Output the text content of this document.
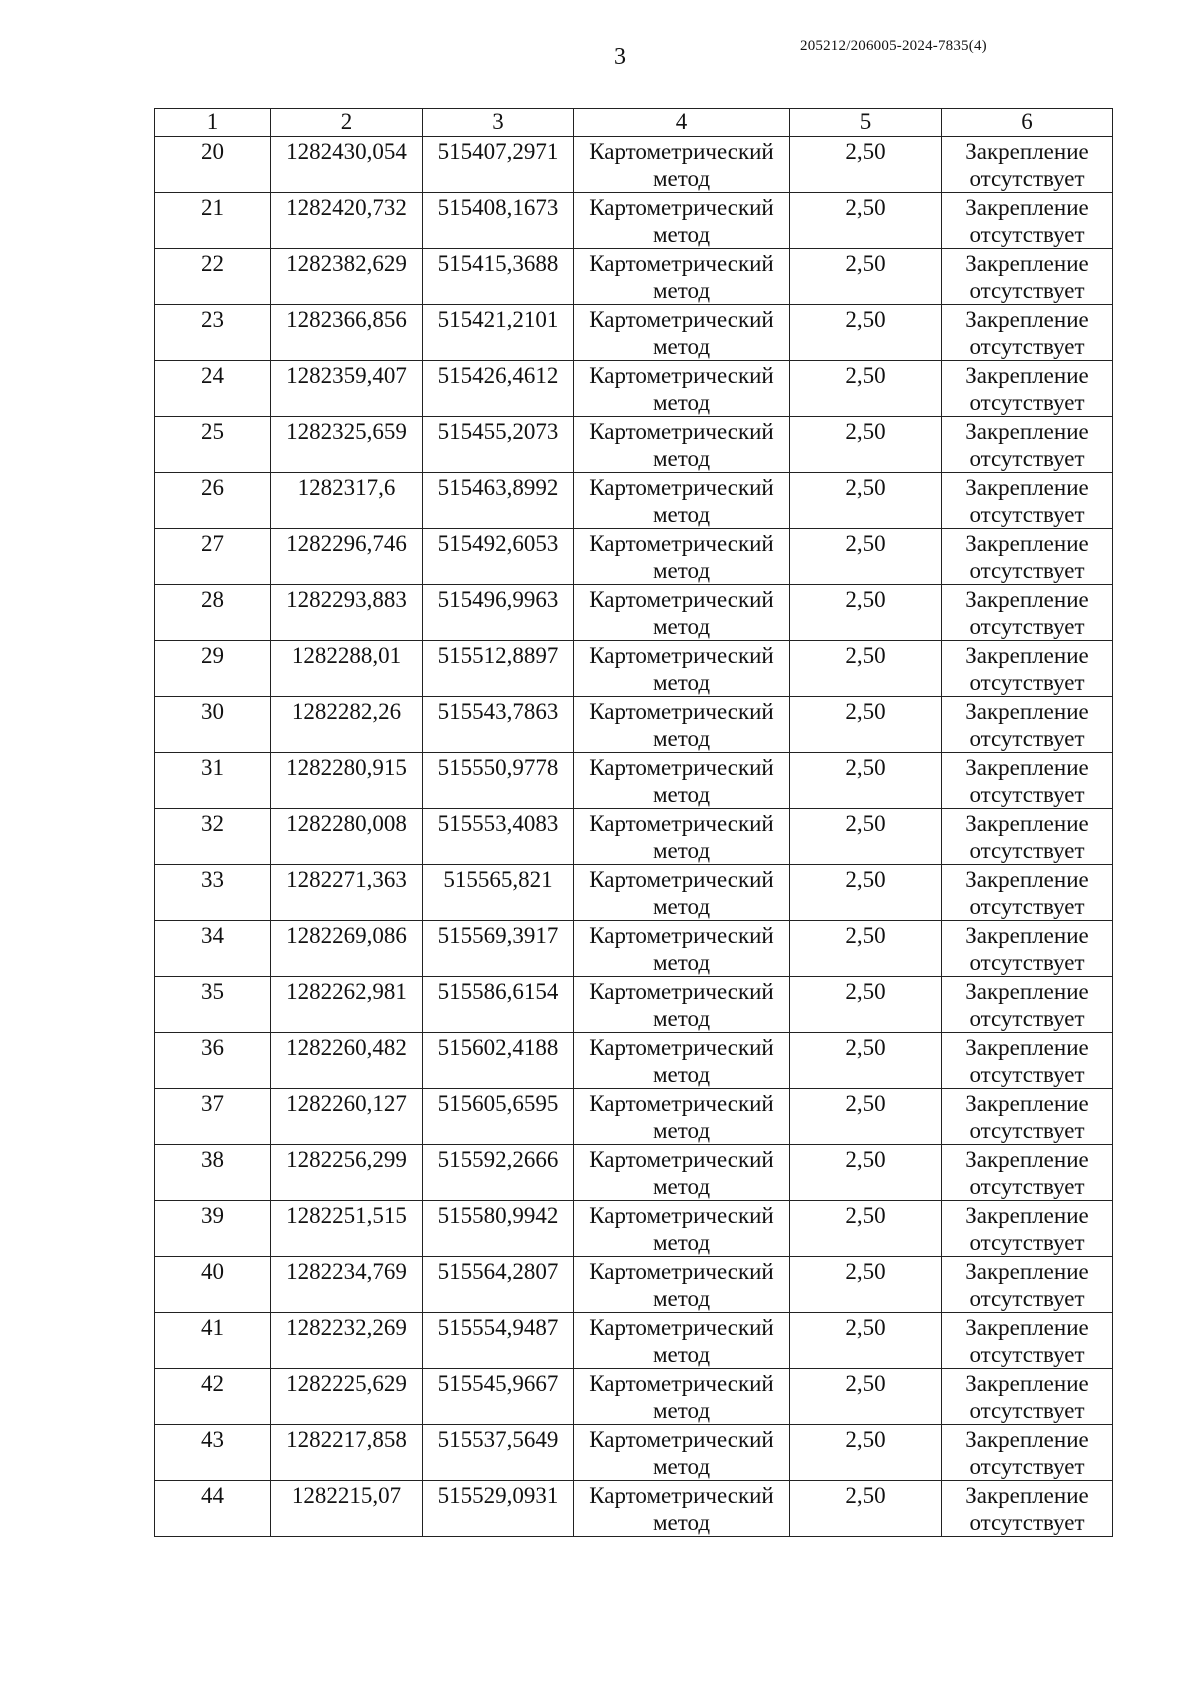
3	205212/206005-2024-7835(4)
1	2	3	4	5	6
20	1282430,054	515407,2971	Картометрический метод	2,50	Закрепление отсутствует
21	1282420,732	515408,1673	Картометрический метод	2,50	Закрепление отсутствует
22	1282382,629	515415,3688	Картометрический метод	2,50	Закрепление отсутствует
23	1282366,856	515421,2101	Картометрический метод	2,50	Закрепление отсутствует
24	1282359,407	515426,4612	Картометрический метод	2,50	Закрепление отсутствует
25	1282325,659	515455,2073	Картометрический метод	2,50	Закрепление отсутствует
26	1282317,6	515463,8992	Картометрический метод	2,50	Закрепление отсутствует
27	1282296,746	515492,6053	Картометрический метод	2,50	Закрепление отсутствует
28	1282293,883	515496,9963	Картометрический метод	2,50	Закрепление отсутствует
29	1282288,01	515512,8897	Картометрический метод	2,50	Закрепление отсутствует
30	1282282,26	515543,7863	Картометрический метод	2,50	Закрепление отсутствует
31	1282280,915	515550,9778	Картометрический метод	2,50	Закрепление отсутствует
32	1282280,008	515553,4083	Картометрический метод	2,50	Закрепление отсутствует
33	1282271,363	515565,821	Картометрический метод	2,50	Закрепление отсутствует
34	1282269,086	515569,3917	Картометрический метод	2,50	Закрепление отсутствует
35	1282262,981	515586,6154	Картометрический метод	2,50	Закрепление отсутствует
36	1282260,482	515602,4188	Картометрический метод	2,50	Закрепление отсутствует
37	1282260,127	515605,6595	Картометрический метод	2,50	Закрепление отсутствует
38	1282256,299	515592,2666	Картометрический метод	2,50	Закрепление отсутствует
39	1282251,515	515580,9942	Картометрический метод	2,50	Закрепление отсутствует
40	1282234,769	515564,2807	Картометрический метод	2,50	Закрепление отсутствует
41	1282232,269	515554,9487	Картометрический метод	2,50	Закрепление отсутствует
42	1282225,629	515545,9667	Картометрический метод	2,50	Закрепление отсутствует
43	1282217,858	515537,5649	Картометрический метод	2,50	Закрепление отсутствует
44	1282215,07	515529,0931	Картометрический метод	2,50	Закрепление отсутствует
